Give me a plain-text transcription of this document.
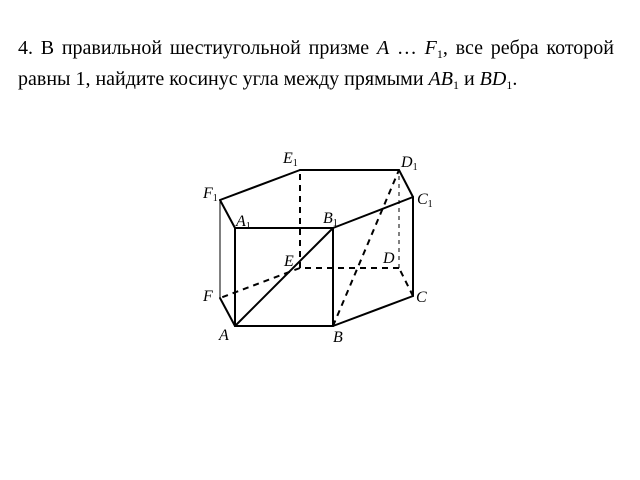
4. В правильной шестиугольной призме A … $F_1$, все ребра которой равны 1, найдите косинус угла между прямыми $AB_1$ и $BD_1$.
A	B
C
D
E
F
A1	B1
C1
D1
E1
F1
